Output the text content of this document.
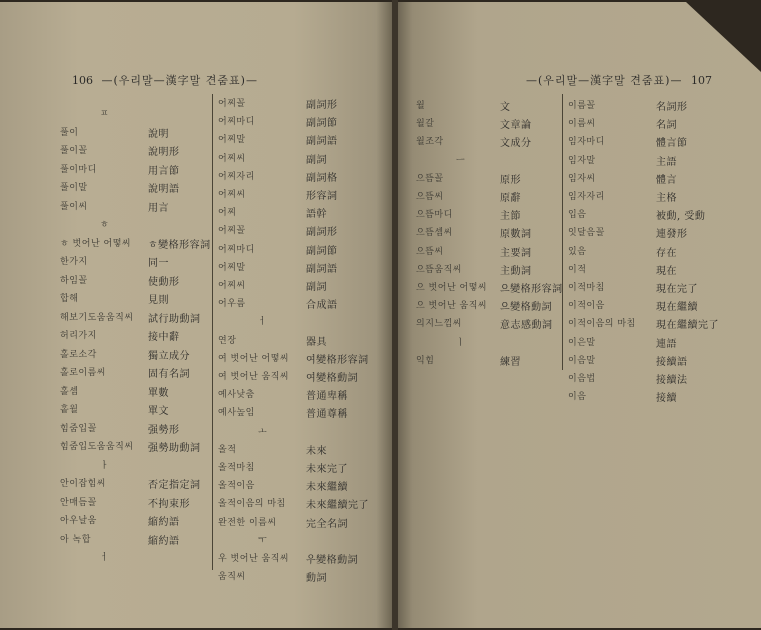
106 —(우리말—漢字말 견줌표)—
ㅍ
풀이	說明
풀이꼴	說明形
풀이마디	用言節
풀이말	說明語
풀이씨	用言
ㅎ
ㅎ 벗어난 어떻씨 ㅎ變格形容詞
한가지	同一
하임꼴	使動形
합해	見則
해보기도움움직씨 試行助動詞
허리가지	接中辭
홀로소각	獨立成分
홀로이름씨	固有名詞
홀셈	單數
홑월	單文
힘줌입꼴	强勢形
힘줌입도움움직씨 强勢助動詞
ㅏ
안이잡힘씨	否定指定詞
안매듬꼴	不拘束形
아우날움	縮約語
아 녹합	縮約語
ㅓ
어찌꼴	副詞形
어찌마디	副詞節
어찌말	副詞語
어찌씨	副詞
어찌자리	副詞格
어찌씨	形容詞
어찌	語幹
어찌꼴	副詞形
어찌마디	副詞節
어찌말	副詞語
어찌씨	副詞
어우름	合成語
ㅓ
연장	器具
여 벗어난 어떻씨 여變格形容詞
여 벗어난 움직씨 여變格動詞
예사낮춤	普通卑稱
예사높임	普通尊稱
ㅗ
올적	未來
올적마침	未來完了
올적이음	未來繼續
올적이음의 마침 未來繼續完了
완전한 이름씨	完全名詞
ㅜ
우 벗어난 움직씨 우變格動詞
움직씨	動詞
—(우리말—漢字말 견줌표)— 107
월	文
월갈	文章論
월조각	文成分
ㅡ
으뜸꼴	原形
으뜸씨	原辭
으뜸마디	主節
으뜸셈씨	原數詞
으뜸씨	主要詞
으뜸움직씨	主動詞
으 벗어난 어떻씨 으變格形容詞
으 벗어난 움직씨 으變格動詞
의지느낌씨	意志感動詞
ㅣ
익힘	練習
이름꼴	名詞形
이름씨	名詞
임자마디	體言節
임자말	主語
임자씨	體言
임자자리	主格
입음	被動, 受動
잇달음꼴	連發形
있음	存在
이적	現在
이적마침	現在完了
이적이음	現在繼續
이적이음의 마침 現在繼續完了
이은말	連語
이음말	接續語
이음법	接續法
이음	接續
